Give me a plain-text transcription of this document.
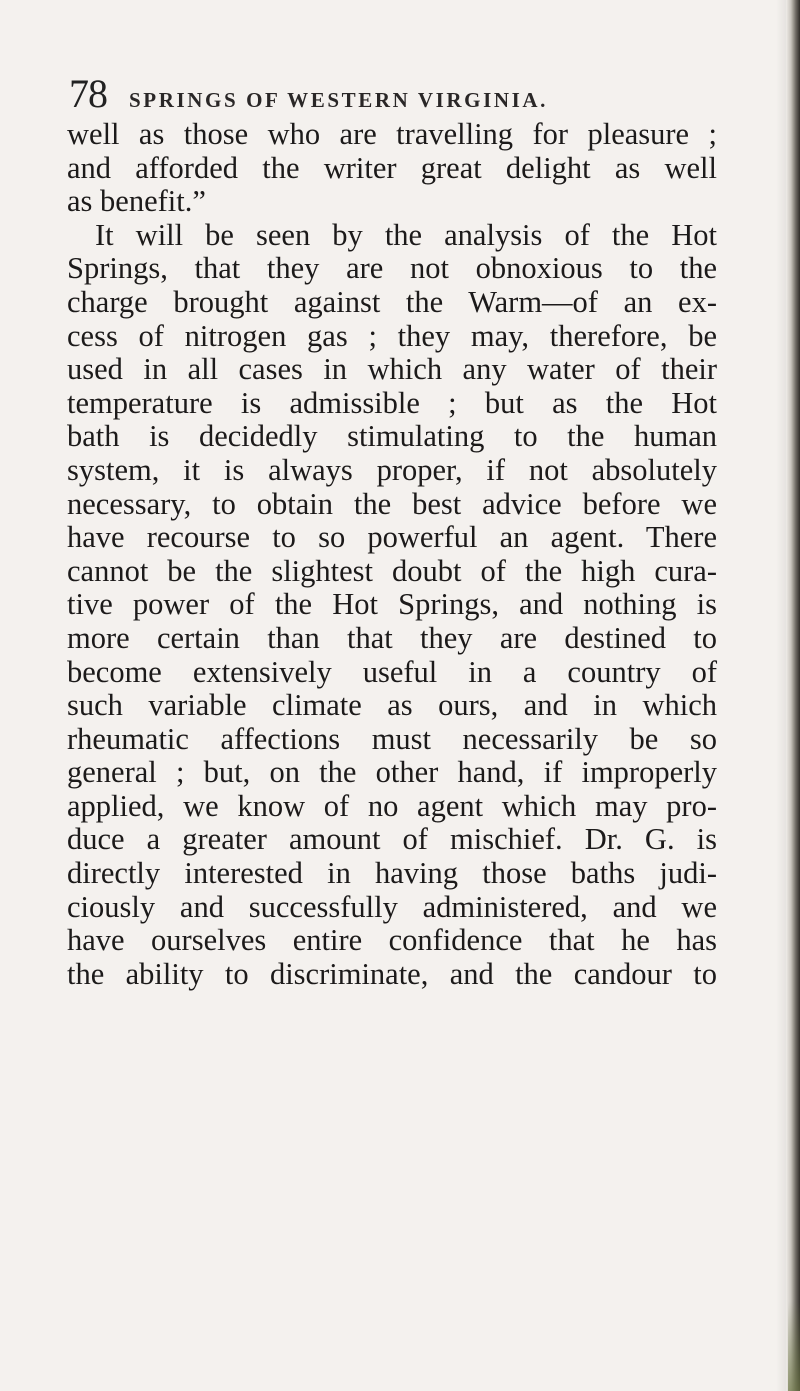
78 SPRINGS OF WESTERN VIRGINIA.
well as those who are travelling for pleasure ;
and afforded the writer great delight as well
as benefit.”
It will be seen by the analysis of the Hot
Springs, that they are not obnoxious to the
charge brought against the Warm—of an ex-
cess of nitrogen gas ; they may, therefore, be
used in all cases in which any water of their
temperature is admissible ; but as the Hot
bath is decidedly stimulating to the human
system, it is always proper, if not absolutely
necessary, to obtain the best advice before we
have recourse to so powerful an agent. There
cannot be the slightest doubt of the high cura-
tive power of the Hot Springs, and nothing is
more certain than that they are destined to
become extensively useful in a country of
such variable climate as ours, and in which
rheumatic affections must necessarily be so
general ; but, on the other hand, if improperly
applied, we know of no agent which may pro-
duce a greater amount of mischief. Dr. G. is
directly interested in having those baths judi-
ciously and successfully administered, and we
have ourselves entire confidence that he has
the ability to discriminate, and the candour to
